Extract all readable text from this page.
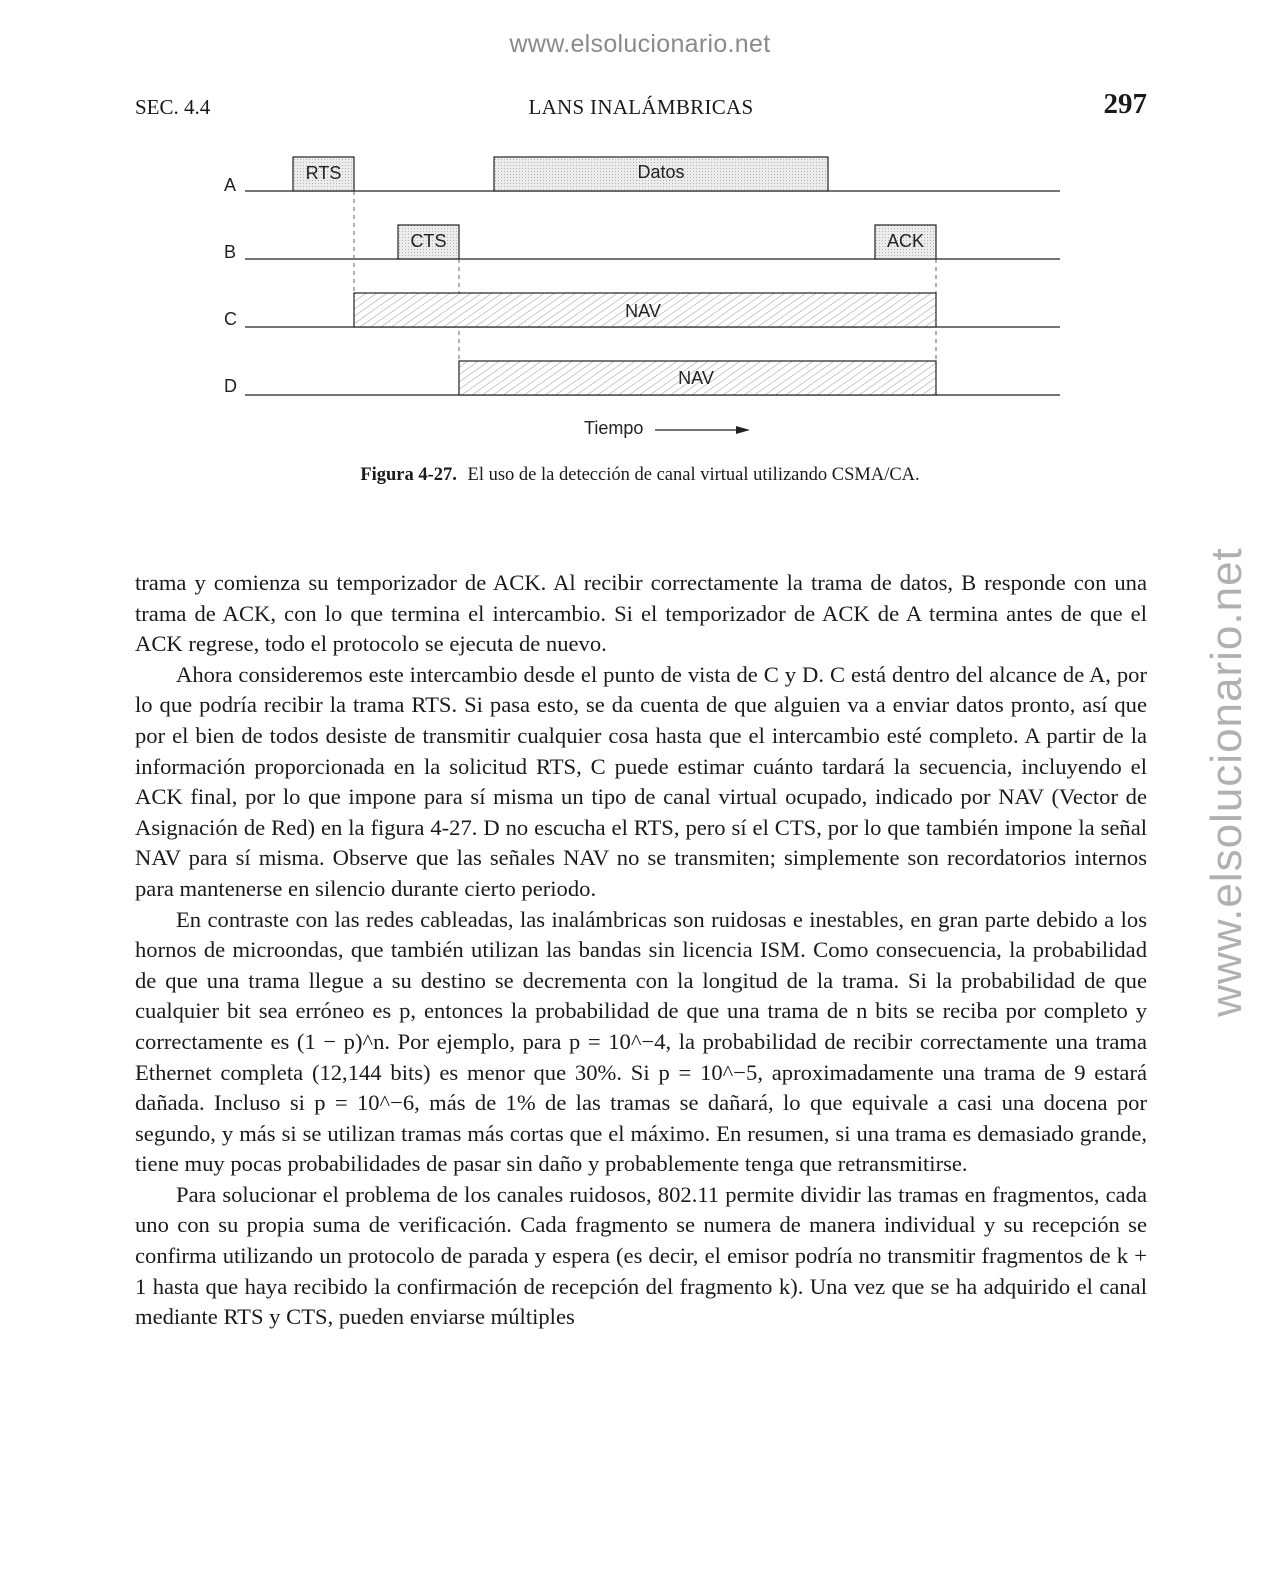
www.elsolucionario.net
www.elsolucionario.net
SEC. 4.4	LANS INALÁMBRICAS	297
A
B
C
D
RTS	Datos
CTS	ACK
NAV
NAV
Tiempo
Figura 4-27. El uso de la detección de canal virtual utilizando CSMA/CA.

trama y comienza su temporizador de ACK. Al recibir correctamente la trama de datos, B responde con una trama de ACK, con lo que termina el intercambio. Si el temporizador de ACK de A termina antes de que el ACK regrese, todo el protocolo se ejecuta de nuevo.

Ahora consideremos este intercambio desde el punto de vista de C y D. C está dentro del alcance de A, por lo que podría recibir la trama RTS. Si pasa esto, se da cuenta de que alguien va a enviar datos pronto, así que por el bien de todos desiste de transmitir cualquier cosa hasta que el intercambio esté completo. A partir de la información proporcionada en la solicitud RTS, C puede estimar cuánto tardará la secuencia, incluyendo el ACK final, por lo que impone para sí misma un tipo de canal virtual ocupado, indicado por NAV (Vector de Asignación de Red) en la figura 4-27. D no escucha el RTS, pero sí el CTS, por lo que también impone la señal NAV para sí misma. Observe que las señales NAV no se transmiten; simplemente son recordatorios internos para mantenerse en silencio durante cierto periodo.

En contraste con las redes cableadas, las inalámbricas son ruidosas e inestables, en gran parte debido a los hornos de microondas, que también utilizan las bandas sin licencia ISM. Como consecuencia, la probabilidad de que una trama llegue a su destino se decrementa con la longitud de la trama. Si la probabilidad de que cualquier bit sea erróneo es p, entonces la probabilidad de que una trama de n bits se reciba por completo y correctamente es (1 − p)^n. Por ejemplo, para p = 10^−4, la probabilidad de recibir correctamente una trama Ethernet completa (12,144 bits) es menor que 30%. Si p = 10^−5, aproximadamente una trama de 9 estará dañada. Incluso si p = 10^−6, más de 1% de las tramas se dañará, lo que equivale a casi una docena por segundo, y más si se utilizan tramas más cortas que el máximo. En resumen, si una trama es demasiado grande, tiene muy pocas probabilidades de pasar sin daño y probablemente tenga que retransmitirse.

Para solucionar el problema de los canales ruidosos, 802.11 permite dividir las tramas en fragmentos, cada uno con su propia suma de verificación. Cada fragmento se numera de manera individual y su recepción se confirma utilizando un protocolo de parada y espera (es decir, el emisor podría no transmitir fragmentos de k + 1 hasta que haya recibido la confirmación de recepción del fragmento k). Una vez que se ha adquirido el canal mediante RTS y CTS, pueden enviarse múltiples
